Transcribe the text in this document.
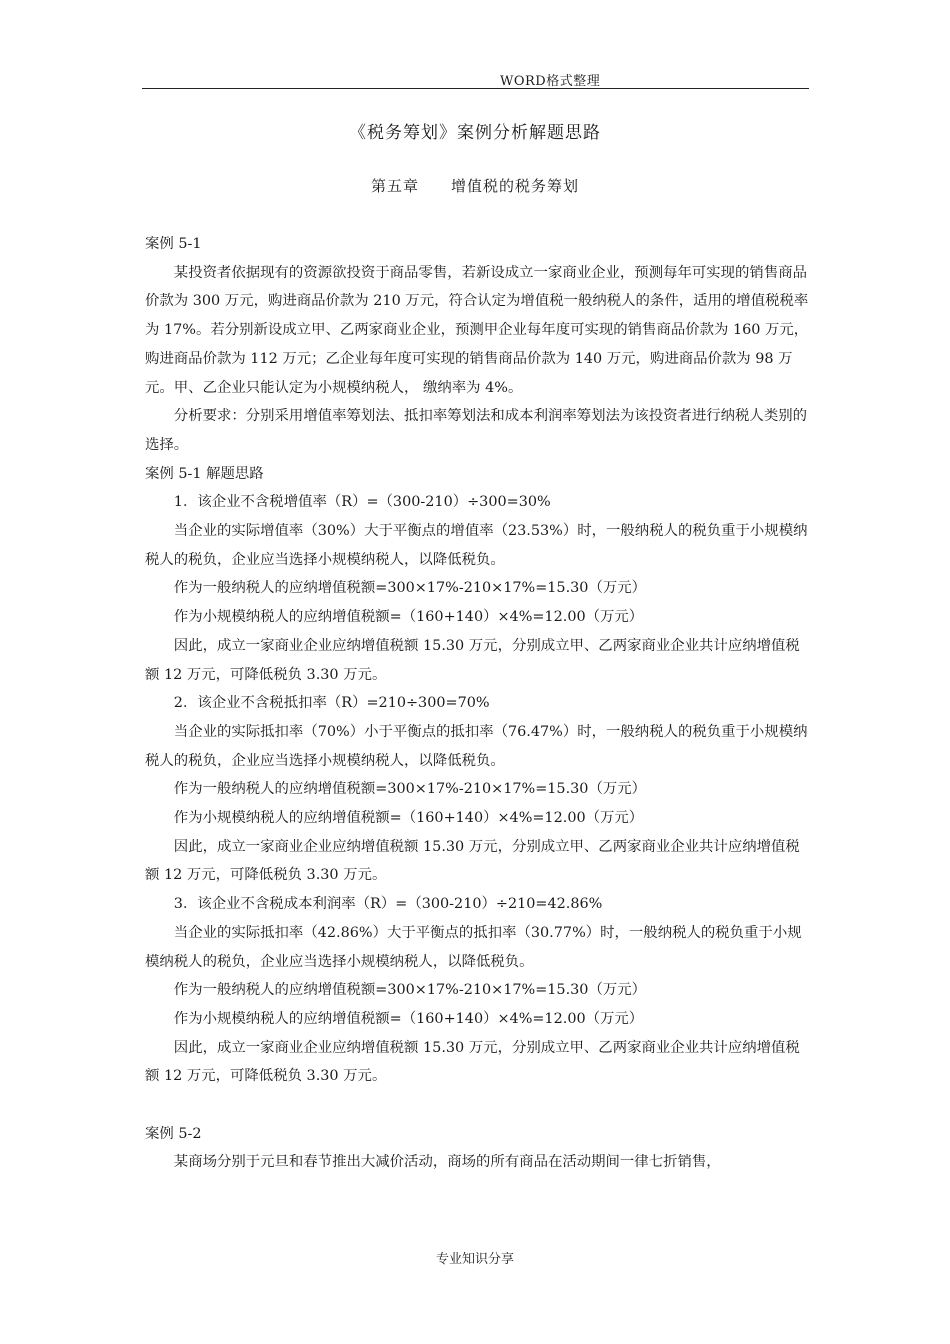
WORD格式整理
《税务筹划》案例分析解题思路
第五章 增值税的税务筹划

案例 5-1

某投资者依据现有的资源欲投资于商品零售，若新设成立一家商业企业，预测每年可实现的销售商品价款为 300 万元，购进商品价款为 210 万元，符合认定为增值税一般纳税人的条件，适用的增值税税率为 17%。若分别新设成立甲、乙两家商业企业，预测甲企业每年度可实现的销售商品价款为 160 万元，购进商品价款为 112 万元；乙企业每年度可实现的销售商品价款为 140 万元，购进商品价款为 98 万元。甲、乙企业只能认定为小规模纳税人， 缴纳率为 4%。

分析要求：分别采用增值率筹划法、抵扣率筹划法和成本利润率筹划法为该投资者进行纳税人类别的选择。

案例 5-1 解题思路

1．该企业不含税增值率（R）=（300-210）÷300=30%

当企业的实际增值率（30%）大于平衡点的增值率（23.53%）时，一般纳税人的税负重于小规模纳税人的税负，企业应当选择小规模纳税人，以降低税负。

作为一般纳税人的应纳增值税额=300×17%-210×17%=15.30（万元）

作为小规模纳税人的应纳增值税额=（160+140）×4%=12.00（万元）

因此，成立一家商业企业应纳增值税额 15.30 万元，分别成立甲、乙两家商业企业共计应纳增值税额 12 万元，可降低税负 3.30 万元。

2．该企业不含税抵扣率（R）=210÷300=70%

当企业的实际抵扣率（70%）小于平衡点的抵扣率（76.47%）时，一般纳税人的税负重于小规模纳税人的税负，企业应当选择小规模纳税人，以降低税负。

作为一般纳税人的应纳增值税额=300×17%-210×17%=15.30（万元）

作为小规模纳税人的应纳增值税额=（160+140）×4%=12.00（万元）

因此，成立一家商业企业应纳增值税额 15.30 万元，分别成立甲、乙两家商业企业共计应纳增值税额 12 万元，可降低税负 3.30 万元。

3．该企业不含税成本利润率（R）=（300-210）÷210=42.86%

当企业的实际抵扣率（42.86%）大于平衡点的抵扣率（30.77%）时，一般纳税人的税负重于小规模纳税人的税负，企业应当选择小规模纳税人，以降低税负。

作为一般纳税人的应纳增值税额=300×17%-210×17%=15.30（万元）

作为小规模纳税人的应纳增值税额=（160+140）×4%=12.00（万元）

因此，成立一家商业企业应纳增值税额 15.30 万元，分别成立甲、乙两家商业企业共计应纳增值税额 12 万元，可降低税负 3.30 万元。

案例 5-2

某商场分别于元旦和春节推出大减价活动，商场的所有商品在活动期间一律七折销售，

专业知识分享
